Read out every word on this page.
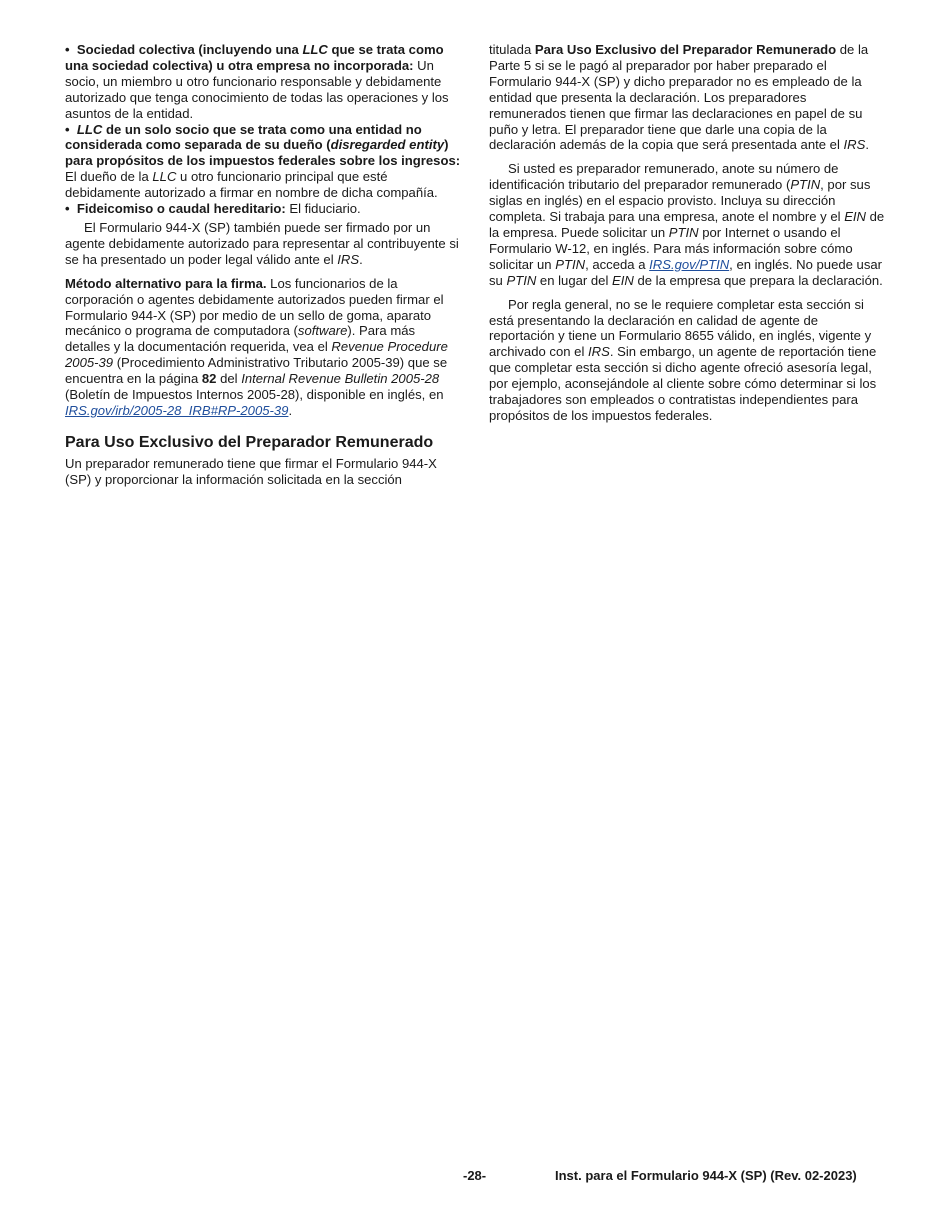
• Sociedad colectiva (incluyendo una LLC que se trata como una sociedad colectiva) u otra empresa no incorporada: Un socio, un miembro u otro funcionario responsable y debidamente autorizado que tenga conocimiento de todas las operaciones y los asuntos de la entidad.

• LLC de un solo socio que se trata como una entidad no considerada como separada de su dueño (disregarded entity) para propósitos de los impuestos federales sobre los ingresos: El dueño de la LLC u otro funcionario principal que esté debidamente autorizado a firmar en nombre de dicha compañía.

• Fideicomiso o caudal hereditario: El fiduciario.

El Formulario 944-X (SP) también puede ser firmado por un agente debidamente autorizado para representar al contribuyente si se ha presentado un poder legal válido ante el IRS.

Método alternativo para la firma. Los funcionarios de la corporación o agentes debidamente autorizados pueden firmar el Formulario 944-X (SP) por medio de un sello de goma, aparato mecánico o programa de computadora (software). Para más detalles y la documentación requerida, vea el Revenue Procedure 2005-39 (Procedimiento Administrativo Tributario 2005-39) que se encuentra en la página 82 del Internal Revenue Bulletin 2005-28 (Boletín de Impuestos Internos 2005-28), disponible en inglés, en IRS.gov/irb/2005-28_IRB#RP-2005-39.

Para Uso Exclusivo del Preparador Remunerado

Un preparador remunerado tiene que firmar el Formulario 944-X (SP) y proporcionar la información solicitada en la sección

titulada Para Uso Exclusivo del Preparador Remunerado de la Parte 5 si se le pagó al preparador por haber preparado el Formulario 944-X (SP) y dicho preparador no es empleado de la entidad que presenta la declaración. Los preparadores remunerados tienen que firmar las declaraciones en papel de su puño y letra. El preparador tiene que darle una copia de la declaración además de la copia que será presentada ante el IRS.

Si usted es preparador remunerado, anote su número de identificación tributario del preparador remunerado (PTIN, por sus siglas en inglés) en el espacio provisto. Incluya su dirección completa. Si trabaja para una empresa, anote el nombre y el EIN de la empresa. Puede solicitar un PTIN por Internet o usando el Formulario W-12, en inglés. Para más información sobre cómo solicitar un PTIN, acceda a IRS.gov/PTIN, en inglés. No puede usar su PTIN en lugar del EIN de la empresa que prepara la declaración.

Por regla general, no se le requiere completar esta sección si está presentando la declaración en calidad de agente de reportación y tiene un Formulario 8655 válido, en inglés, vigente y archivado con el IRS. Sin embargo, un agente de reportación tiene que completar esta sección si dicho agente ofreció asesoría legal, por ejemplo, aconsejándole al cliente sobre cómo determinar si los trabajadores son empleados o contratistas independientes para propósitos de los impuestos federales.

-28-	Inst. para el Formulario 944-X (SP) (Rev. 02-2023)
